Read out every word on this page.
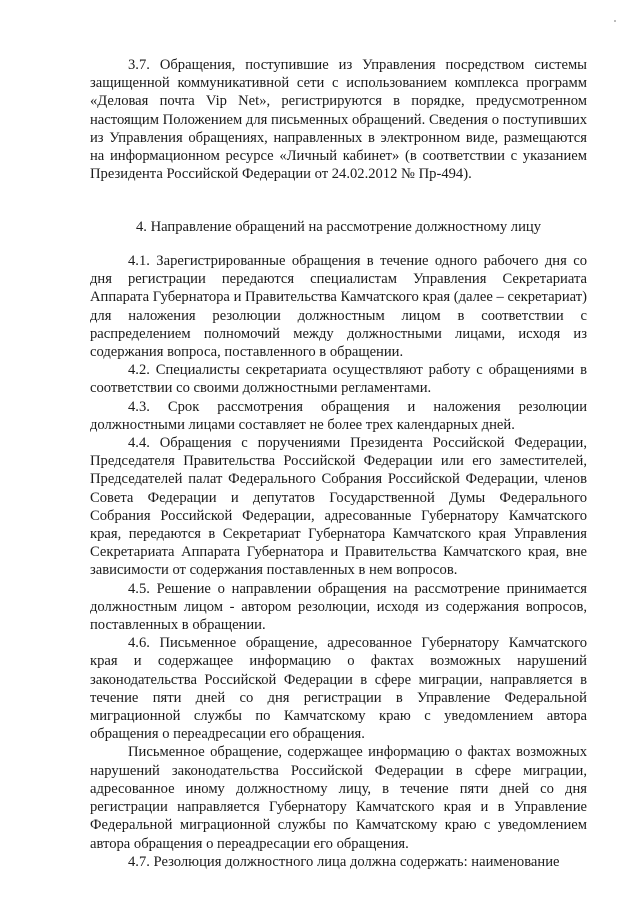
3.7. Обращения, поступившие из Управления посредством системы защищенной коммуникативной сети с использованием комплекса программ «Деловая почта Vip Net», регистрируются в порядке, предусмотренном настоящим Положением для письменных обращений. Сведения о поступивших из Управления обращениях, направленных в электронном виде, размещаются на информационном ресурсе «Личный кабинет» (в соответствии с указанием Президента Российской Федерации от 24.02.2012 № Пр-494).

4. Направление обращений на рассмотрение должностному лицу

4.1. Зарегистрированные обращения в течение одного рабочего дня со дня регистрации передаются специалистам Управления Секретариата Аппарата Губернатора и Правительства Камчатского края (далее – секретариат) для наложения резолюции должностным лицом в соответствии с распределением полномочий между должностными лицами, исходя из содержания вопроса, поставленного в обращении.

4.2. Специалисты секретариата осуществляют работу с обращениями в соответствии со своими должностными регламентами.

4.3. Срок рассмотрения обращения и наложения резолюции должностными лицами составляет не более трех календарных дней.

4.4. Обращения с поручениями Президента Российской Федерации, Председателя Правительства Российской Федерации или его заместителей, Председателей палат Федерального Собрания Российской Федерации, членов Совета Федерации и депутатов Государственной Думы Федерального Собрания Российской Федерации, адресованные Губернатору Камчатского края, передаются в Секретариат Губернатора Камчатского края Управления Секретариата Аппарата Губернатора и Правительства Камчатского края, вне зависимости от содержания поставленных в нем вопросов.

4.5. Решение о направлении обращения на рассмотрение принимается должностным лицом - автором резолюции, исходя из содержания вопросов, поставленных в обращении.

4.6. Письменное обращение, адресованное Губернатору Камчатского края и содержащее информацию о фактах возможных нарушений законодательства Российской Федерации в сфере миграции, направляется в течение пяти дней со дня регистрации в Управление Федеральной миграционной службы по Камчатскому краю с уведомлением автора обращения о переадресации его обращения.

Письменное обращение, содержащее информацию о фактах возможных нарушений законодательства Российской Федерации в сфере миграции, адресованное иному должностному лицу, в течение пяти дней со дня регистрации направляется Губернатору Камчатского края и в Управление Федеральной миграционной службы по Камчатскому краю с уведомлением автора обращения о переадресации его обращения.

4.7. Резолюция должностного лица должна содержать: наименование
